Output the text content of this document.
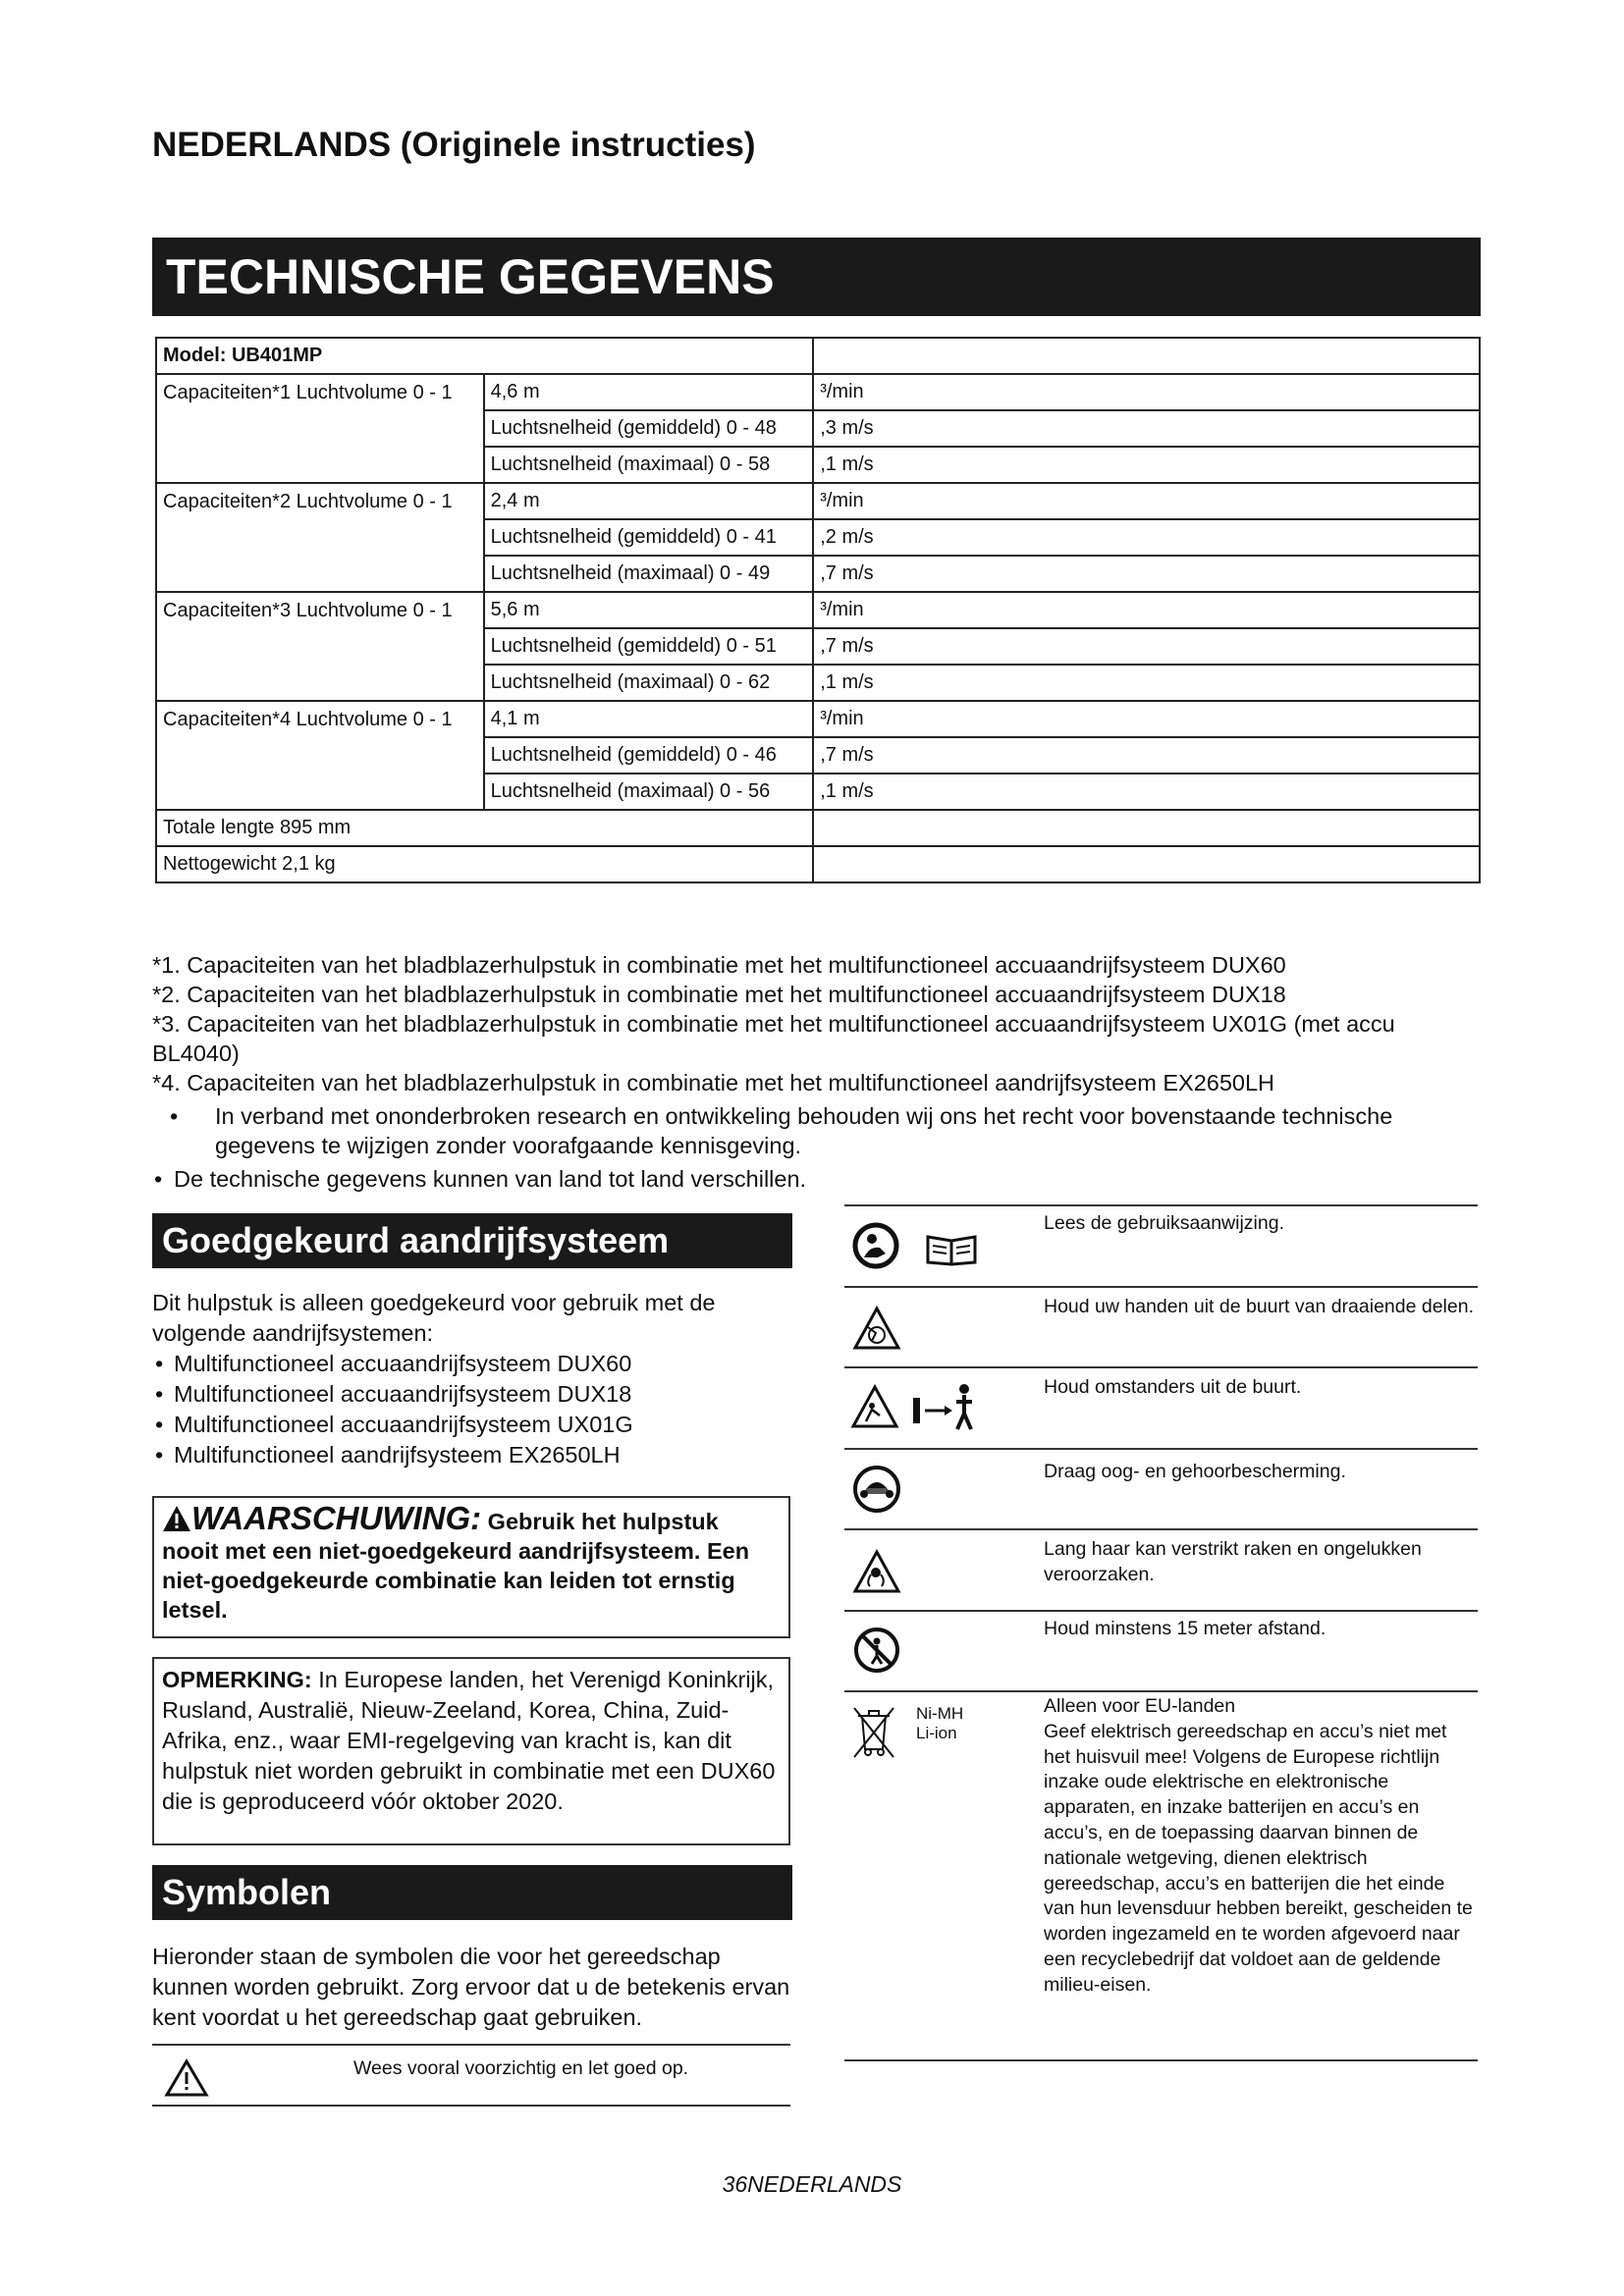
NEDERLANDS (Originele instructies)
TECHNISCHE GEGEVENS
Model: UB401MP		
Capaciteiten*1 Luchtvolume 0 - 1	4,6 m	³/min
	Luchtsnelheid (gemiddeld) 0 - 48	,3 m/s
	Luchtsnelheid (maximaal) 0 - 58	,1 m/s
Capaciteiten*2 Luchtvolume 0 - 1	2,4 m	³/min
	Luchtsnelheid (gemiddeld) 0 - 41	,2 m/s
	Luchtsnelheid (maximaal) 0 - 49	,7 m/s
Capaciteiten*3 Luchtvolume 0 - 1	5,6 m	³/min
	Luchtsnelheid (gemiddeld) 0 - 51	,7 m/s
	Luchtsnelheid (maximaal) 0 - 62	,1 m/s
Capaciteiten*4 Luchtvolume 0 - 1	4,1 m	³/min
	Luchtsnelheid (gemiddeld) 0 - 46	,7 m/s
	Luchtsnelheid (maximaal) 0 - 56	,1 m/s
Totale lengte 895 mm		
Nettogewicht 2,1 kg		

*1. Capaciteiten van het bladblazerhulpstuk in combinatie met het multifunctioneel accuaandrijfsysteem DUX60

*2. Capaciteiten van het bladblazerhulpstuk in combinatie met het multifunctioneel accuaandrijfsysteem DUX18

*3. Capaciteiten van het bladblazerhulpstuk in combinatie met het multifunctioneel accuaandrijfsysteem UX01G (met accu BL4040)

*4. Capaciteiten van het bladblazerhulpstuk in combinatie met het multifunctioneel aandrijfsysteem EX2650LH

• In verband met ononderbroken research en ontwikkeling behouden wij ons het recht voor bovenstaande technische gegevens te wijzigen zonder voorafgaande kennisgeving.
• De technische gegevens kunnen van land tot land verschillen.
Goedgekeurd aandrijfsysteem
Dit hulpstuk is alleen goedgekeurd voor gebruik met de volgende aandrijfsystemen:
• Multifunctioneel accuaandrijfsysteem DUX60
• Multifunctioneel accuaandrijfsysteem DUX18
• Multifunctioneel accuaandrijfsysteem UX01G
• Multifunctioneel aandrijfsysteem EX2650LH
WAARSCHUWING: Gebruik het hulpstuk nooit met een niet-goedgekeurd aandrijfsysteem. Een niet-goedgekeurde combinatie kan leiden tot ernstig letsel.
OPMERKING: In Europese landen, het Verenigd Koninkrijk, Rusland, Australië, Nieuw-Zeeland, Korea, China, Zuid-Afrika, enz., waar EMI-regelgeving van kracht is, kan dit hulpstuk niet worden gebruikt in combinatie met een DUX60 die is geproduceerd vóór oktober 2020.
Symbolen
Hieronder staan de symbolen die voor het gereedschap kunnen worden gebruikt. Zorg ervoor dat u de betekenis ervan kent voordat u het gereedschap gaat gebruiken.
Wees vooral voorzichtig en let goed op.
Lees de gebruiksaanwijzing.
Houd uw handen uit de buurt van draaiende delen.
Houd omstanders uit de buurt.
Draag oog- en gehoorbescherming.
Lang haar kan verstrikt raken en ongelukken veroorzaken.
Houd minstens 15 meter afstand.
Ni-MH
Li-ion
Alleen voor EU-landen
Geef elektrisch gereedschap en accu’s niet met het huisvuil mee! Volgens de Europese richtlijn inzake oude elektrische en elektronische apparaten, en inzake batterijen en accu’s en accu’s, en de toepassing daarvan binnen de nationale wetgeving, dienen elektrisch gereedschap, accu’s en batterijen die het einde van hun levensduur hebben bereikt, gescheiden te worden ingezameld en te worden afgevoerd naar een recyclebedrijf dat voldoet aan de geldende milieu-eisen.
36NEDERLANDS
